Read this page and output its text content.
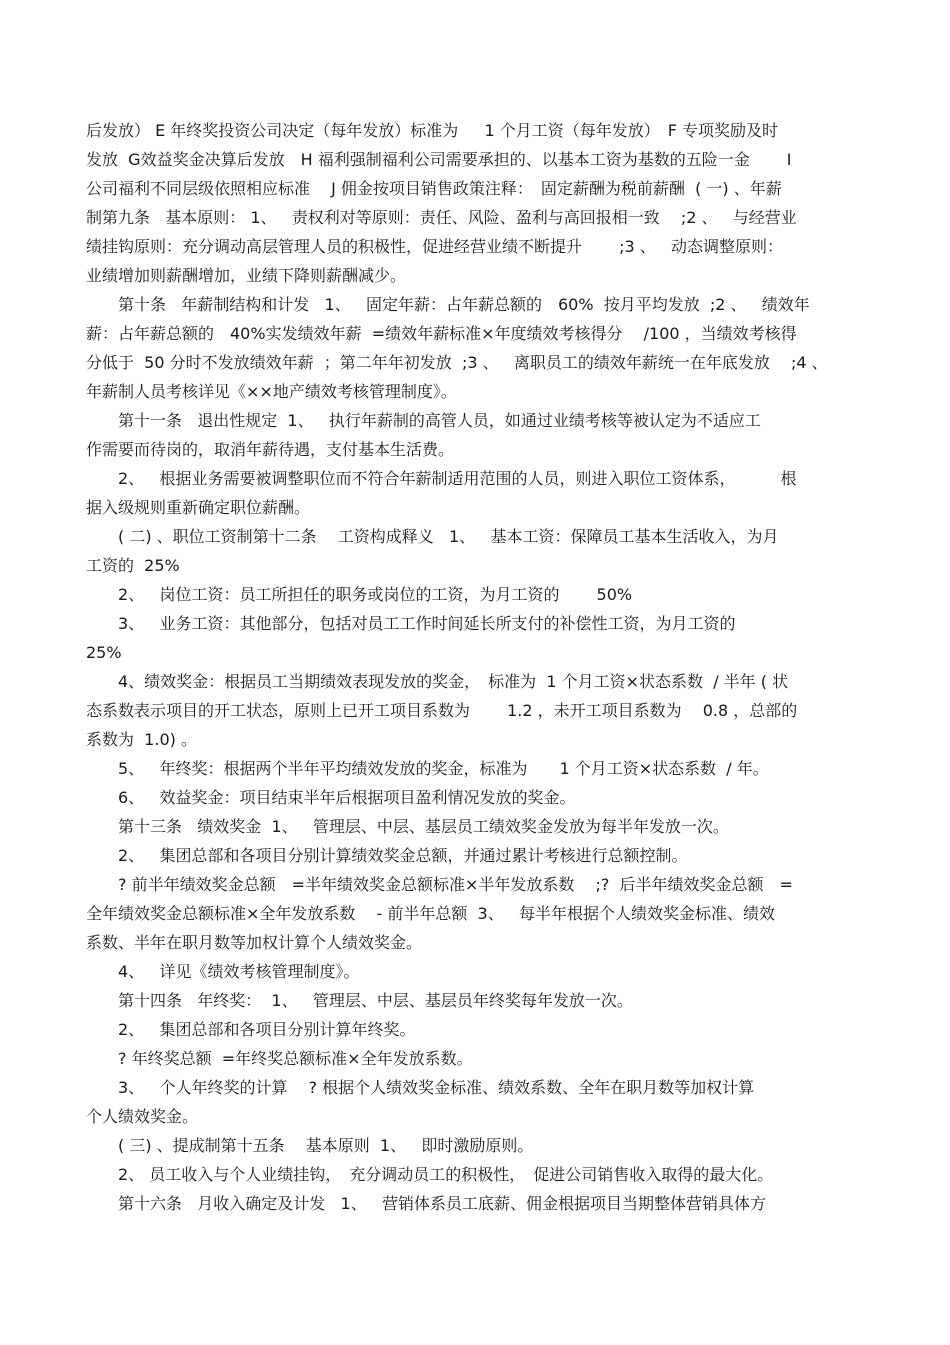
后发放） E 年终奖投资公司决定（每年发放）标准为　  1 个月工资（每年发放）　F 专项奖励及时
发放  G效益奖金决算后发放　H 福利强制福利公司需要承担的、以基本工资为基数的五险一金　　 I
公司福利不同层级依照相应标准　 J 佣金按项目销售政策注释：　固定薪酬为税前薪酬  ( 一) 、年薪
制第九条   基本原则： 1、   责权利对等原则：责任、风险、盈利与高回报相一致　 ;2 、   与经营业
绩挂钩原则：充分调动高层管理人员的积极性，促进经营业绩不断提升　　 ;3 、   动态调整原则：
业绩增加则薪酬增加，业绩下降则薪酬减少。
第十条   年薪制结构和计发   1、   固定年薪：占年薪总额的　60%  按月平均发放  ;2 、   绩效年
薪：占年薪总额的　40%实发绩效年薪  =绩效年薪标准×年度绩效考核得分　 /100 ，当绩效考核得
分低于  50 分时不发放绩效年薪  ；第二年年初发放  ;3 、   离职员工的绩效年薪统一在年底发放　 ;4 、
年薪制人员考核详见《××地产绩效考核管理制度》。
第十一条   退出性规定  1、   执行年薪制的高管人员，如通过业绩考核等被认定为不适应工
作需要而待岗的，取消年薪待遇，支付基本生活费。
2、   根据业务需要被调整职位而不符合年薪制适用范围的人员，则进入职位工资体系，　　　 根
据入级规则重新确定职位薪酬。
( 二) 、职位工资制第十二条　 工资构成释义   1、   基本工资：保障员工基本生活收入，为月
工资的  25%
2、   岗位工资：员工所担任的职务或岗位的工资，为月工资的　　 50%
3、   业务工资：其他部分，包括对员工工作时间延长所支付的补偿性工资，为月工资的
25%
4、绩效奖金：根据员工当期绩效表现发放的奖金，　标准为  1 个月工资×状态系数  / 半年 ( 状
态系数表示项目的开工状态，原则上已开工项目系数为　　 1.2 ，未开工项目系数为　 0.8 ，总部的
系数为  1.0) 。
5、   年终奖：根据两个半年平均绩效发放的奖金，标准为　　1 个月工资×状态系数  / 年。
6、   效益奖金：项目结束半年后根据项目盈利情况发放的奖金。
第十三条   绩效奖金  1、   管理层、中层、基层员工绩效奖金发放为每半年发放一次。
2、   集团总部和各项目分别计算绩效奖金总额，并通过累计考核进行总额控制。
? 前半年绩效奖金总额　=半年绩效奖金总额标准×半年发放系数　 ;?  后半年绩效奖金总额　=
全年绩效奖金总额标准×全年发放系数　 - 前半年总额  3、   每半年根据个人绩效奖金标准、绩效
系数、半年在职月数等加权计算个人绩效奖金。
4、   详见《绩效考核管理制度》。
第十四条   年终奖：  1、   管理层、中层、基层员年终奖每年发放一次。
2、   集团总部和各项目分别计算年终奖。
? 年终奖总额  =年终奖总额标准×全年发放系数。
3、   个人年终奖的计算　 ? 根据个人绩效奖金标准、绩效系数、全年在职月数等加权计算
个人绩效奖金。
( 三) 、提成制第十五条　 基本原则  1、   即时激励原则。
2、 员工收入与个人业绩挂钩，　充分调动员工的积极性，　促进公司销售收入取得的最大化。
第十六条   月收入确定及计发   1、   营销体系员工底薪、佣金根据项目当期整体营销具体方
